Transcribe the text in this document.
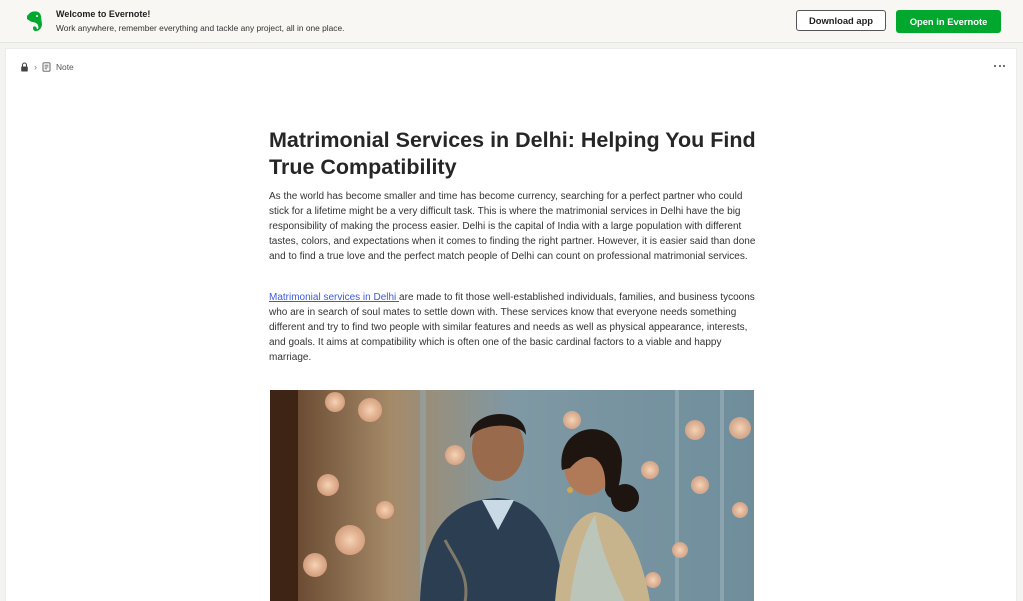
Welcome to Evernote!
Work anywhere, remember everything and tackle any project, all in one place.
Download app	Open in Evernote
› Note
Matrimonial Services in Delhi: Helping You Find True Compatibility

As the world has become smaller and time has become currency, searching for a perfect partner who could stick for a lifetime might be a very difficult task. This is where the matrimonial services in Delhi have the big responsibility of making the process easier. Delhi is the capital of India with a large population with different tastes, colors, and expectations when it comes to finding the right partner. However, it is easier said than done and to find a true love and the perfect match people of Delhi can count on professional matrimonial services.

Matrimonial services in Delhi are made to fit those well-established individuals, families, and business tycoons who are in search of soul mates to settle down with. These services know that everyone needs something different and try to find two people with similar features and needs as well as physical appearance, interests, and goals. It aims at compatibility which is often one of the basic cardinal factors to a viable and happy marriage.
